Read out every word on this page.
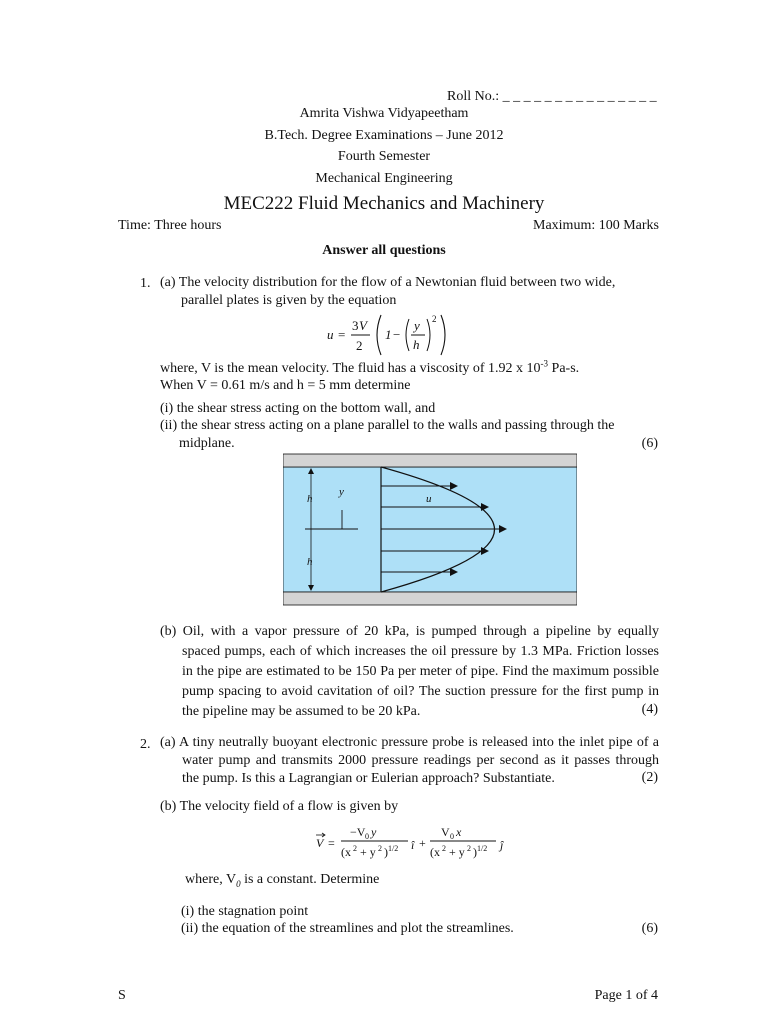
Roll No.: _ _ _ _ _ _ _ _ _ _ _ _ _ _ _
Amrita Vishwa Vidyapeetham
B.Tech. Degree Examinations – June 2012
Fourth Semester
Mechanical Engineering
MEC222 Fluid Mechanics and Machinery
Time: Three hours	Maximum: 100 Marks
Answer all questions
1. (a) The velocity distribution for the flow of a Newtonian fluid between two wide,
parallel plates is given by the equation
u =
3 V
2
1 −
y
h
2
where, V is the mean velocity. The fluid has a viscosity of 1.92 x $10^{-3}$ Pa-s.
When V = 0.61 m/s and h = 5 mm determine
(i) the shear stress acting on the bottom wall, and
(ii) the shear stress acting on a plane parallel to the walls and passing through the
midplane.	(6)
h
h
y
u
(b) Oil, with a vapor pressure of 20 kPa, is pumped through a pipeline by equally
spaced pumps, each of which increases the oil pressure by 1.3 MPa. Friction losses
in the pipe are estimated to be 150 Pa per meter of pipe. Find the maximum possible
pump spacing to avoid cavitation of oil? The suction pressure for the first pump in
the pipeline may be assumed to be 20 kPa.	(4)
2. (a) A tiny neutrally buoyant electronic pressure probe is released into the inlet pipe of a
water pump and transmits 2000 pressure readings per second as it passes through
the pump. Is this a Lagrangian or Eulerian approach? Substantiate.	(2)
(b) The velocity field of a flow is given by
V =
−V 0 y
(x 2 + y 2 ) 1/2 î +
V 0 x
(x 2 + y 2 ) 1/2 ĵ
where, $V_0$ is a constant. Determine
(i) the stagnation point
(ii) the equation of the streamlines and plot the streamlines.	(6)
S	Page 1 of 4
